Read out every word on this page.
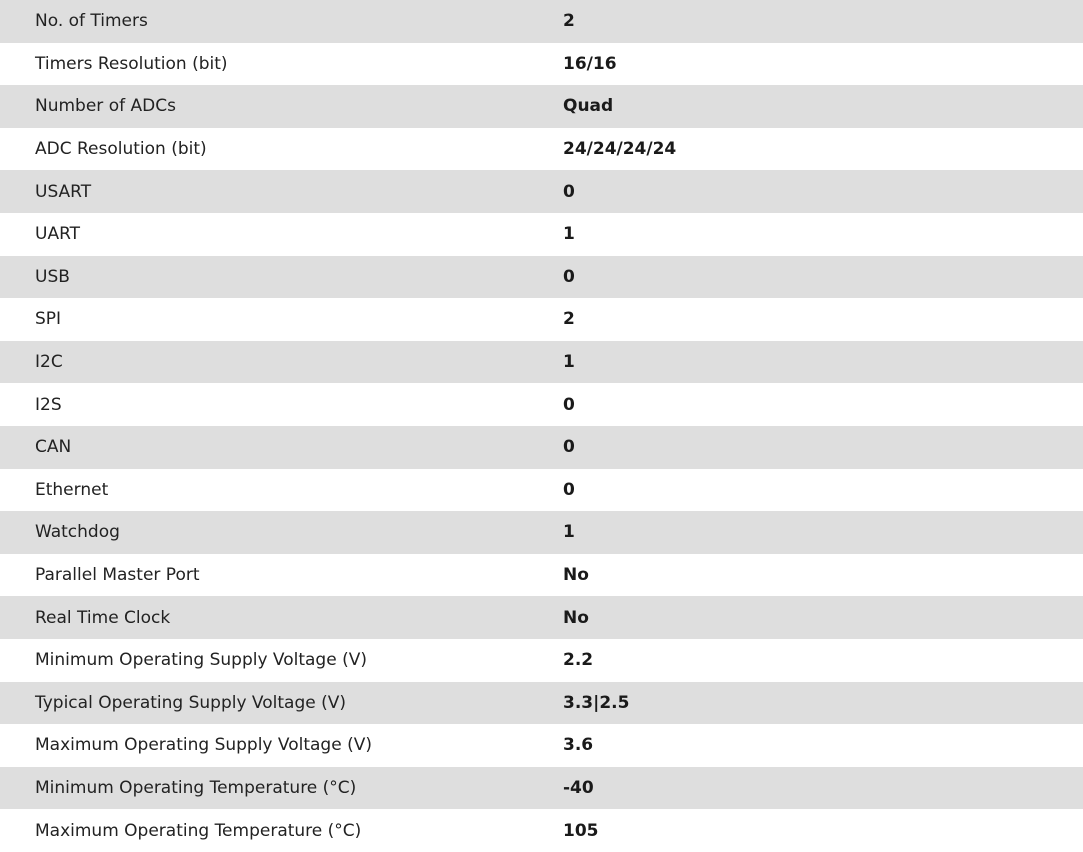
No. of Timers	2
Timers Resolution (bit)	16/16
Number of ADCs	Quad
ADC Resolution (bit)	24/24/24/24
USART	0
UART	1
USB	0
SPI	2
I2C	1
I2S	0
CAN	0
Ethernet	0
Watchdog	1
Parallel Master Port	No
Real Time Clock	No
Minimum Operating Supply Voltage (V)	2.2
Typical Operating Supply Voltage (V)	3.3|2.5
Maximum Operating Supply Voltage (V)	3.6
Minimum Operating Temperature (°C)	-40
Maximum Operating Temperature (°C)	105
